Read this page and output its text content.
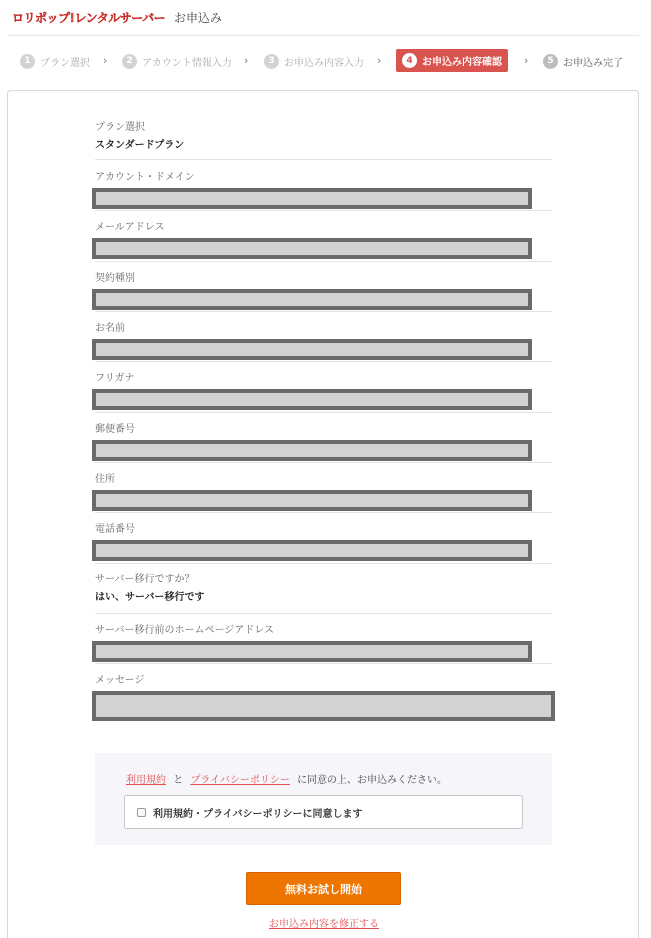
ロリポップ!レンタルサーバー お申込み
1 プラン選択 ›	2 アカウント情報入力 ›	3 お申込み内容入力 ›	4 お申込み内容確認 ›	5 お申込み完了
プラン選択
スタンダードプラン
アカウント・ドメイン
メールアドレス
契約種別
お名前
フリガナ
郵便番号
住所
電話番号
サーバー移行ですか？
はい、サーバー移行です
サーバー移行前のホームページアドレス
メッセージ
利用規約 と プライバシーポリシー に同意の上、お申込みください。
利用規約・プライバシーポリシーに同意します
無料お試し開始
お申込み内容を修正する
